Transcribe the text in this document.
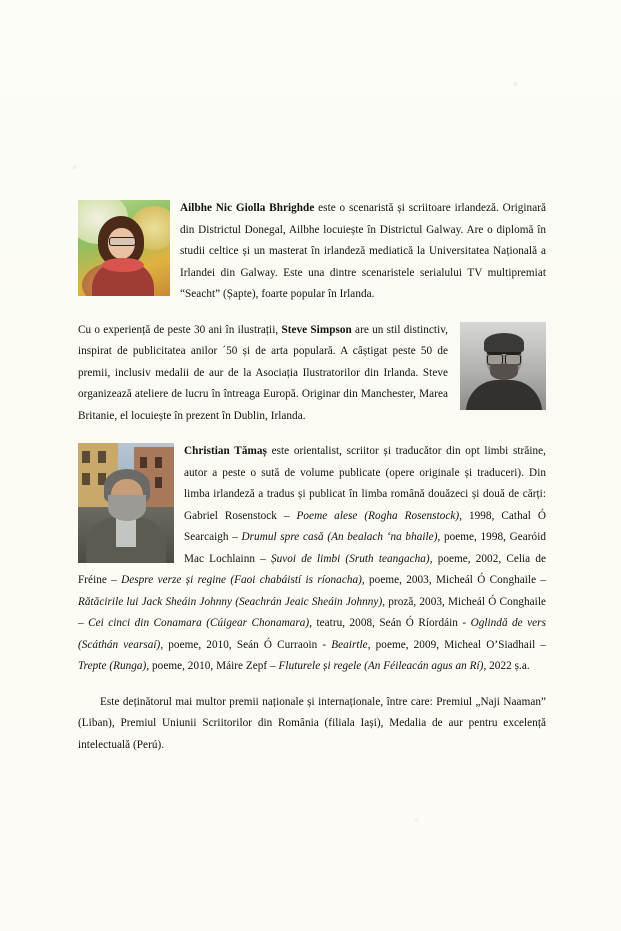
Ailbhe Nic Giolla Bhrighde este o scenaristă și scriitoare irlandeză. Originară din Districtul Donegal, Ailbhe locuiește în Districtul Galway. Are o diplomă în studii celtice și un masterat în irlandeză mediatică la Universitatea Națională a Irlandei din Galway. Este una dintre scenaristele serialului TV multipremiat “Seacht” (Șapte), foarte popular în Irlanda.

Cu o experiență de peste 30 ani în ilustrații, Steve Simpson are un stil distinctiv, inspirat de publicitatea anilor ´50 și de arta populară. A câștigat peste 50 de premii, inclusiv medalii de aur de la Asociația Ilustratorilor din Irlanda. Steve organizează ateliere de lucru în întreaga Europă. Originar din Manchester, Marea Britanie, el locuiește în prezent în Dublin, Irlanda.

Christian Tămaș este orientalist, scriitor și traducător din opt limbi străine, autor a peste o sută de volume publicate (opere originale și traduceri). Din limba irlandeză a tradus și publicat în limba română douăzeci și două de cărți: Gabriel Rosenstock – Poeme alese (Rogha Rosenstock), 1998, Cathal Ó Searcaigh – Drumul spre casă (An bealach ‘na bhaile), poeme, 1998, Gearóid Mac Lochlainn – Șuvoi de limbi (Sruth teangacha), poeme, 2002, Celia de Fréine – Despre verze și regine (Faoi chabáistí is ríonacha), poeme, 2003, Micheál Ó Conghaile – Rătăcirile lui Jack Sheáin Johnny (Seachrán Jeaic Sheáin Johnny), proză, 2003, Micheál Ó Conghaile – Cei cinci din Conamara (Cúigear Chonamara), teatru, 2008, Seán Ó Ríordáin - Oglindă de vers (Scáthán vearsaí), poeme, 2010, Seán Ó Curraoin - Beairtle, poeme, 2009, Micheal O’Siadhail – Trepte (Runga), poeme, 2010, Máire Zepf – Fluturele și regele (An Féileacán agus an Rí), 2022 ș.a.

Este deținătorul mai multor premii naționale și internaționale, între care: Premiul „Naji Naaman” (Liban), Premiul Uniunii Scriitorilor din România (filiala Iași), Medalia de aur pentru excelență intelectuală (Perú).
